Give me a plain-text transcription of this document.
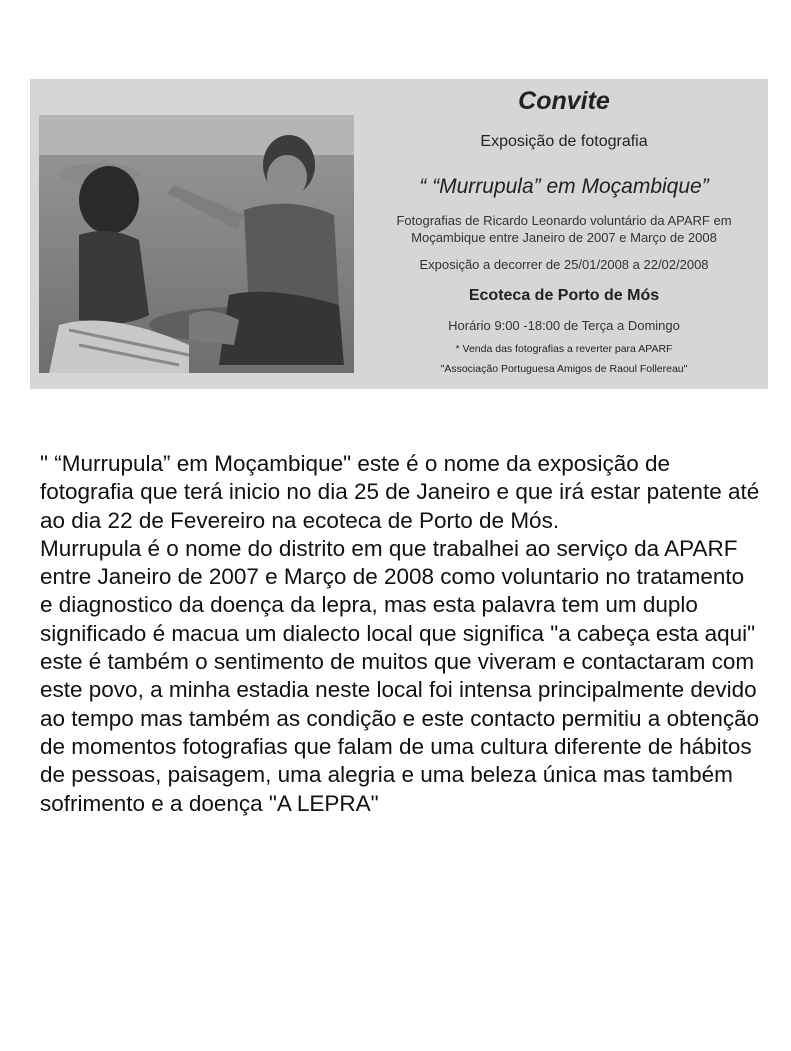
Convite
Exposição de fotografia
“ “Murrupula” em Moçambique”
Fotografias de Ricardo Leonardo voluntário da APARF em Moçambique entre Janeiro de 2007 e Março de 2008
Exposição a decorrer de 25/01/2008 a 22/02/2008
Ecoteca de Porto de Mós
Horário 9:00 -18:00 de Terça a Domingo
* Venda das fotografias a reverter para APARF
"Associação Portuguesa Amigos de Raoul Follereau"

" “Murrupula” em Moçambique" este é o nome da exposição de fotografia que terá inicio no dia 25 de Janeiro e que irá estar patente até ao dia 22 de Fevereiro na ecoteca de Porto de Mós.

Murrupula é o nome do distrito em que trabalhei ao serviço da APARF entre Janeiro de 2007 e Março de 2008 como voluntario no tratamento e diagnostico da doença da lepra, mas esta palavra tem um duplo significado é macua um dialecto local que significa "a cabeça esta aqui" este é também o sentimento de muitos que viveram e contactaram com este povo, a minha estadia neste local foi intensa principalmente devido ao tempo mas também as condição e este contacto permitiu a obtenção de momentos fotografias que falam de uma cultura diferente de hábitos de pessoas, paisagem, uma alegria e uma beleza única mas também sofrimento e a doença "A LEPRA"
